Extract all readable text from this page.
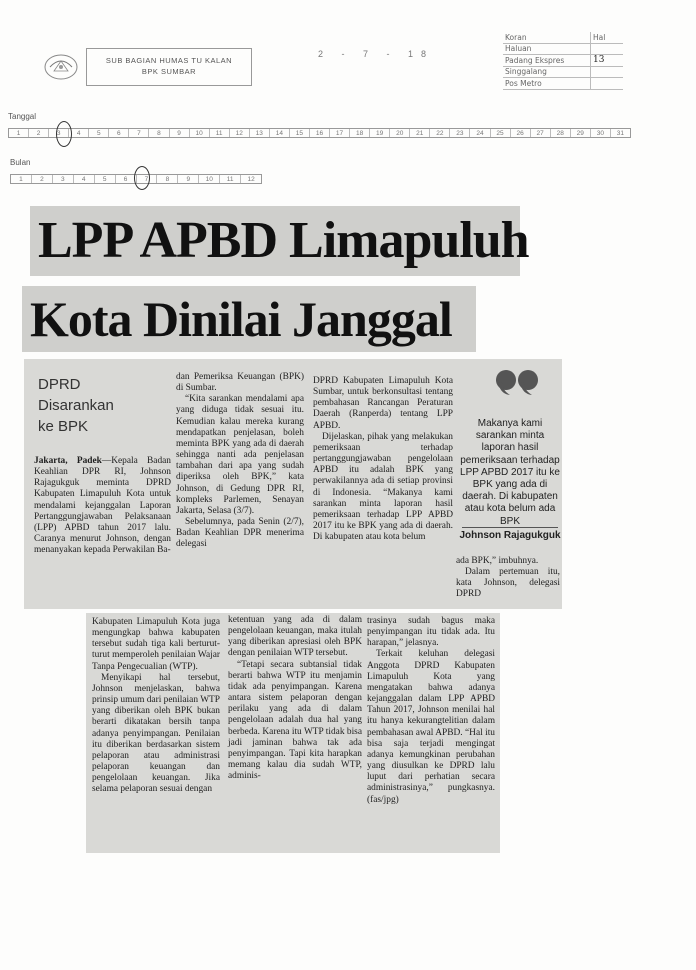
SUB BAGIAN HUMAS TU KALAN
BPK SUMBAR
2 - 7 - 18
Koran	Hal
Haluan	
Padang Ekspres	13
Singgalang	
Pos Metro	
Tanggal
1	2	3	4	5	6	7	8	9	10	11	12	13	14	15	16	17	18	19	20	21	22	23	24	25	26	27	28	29	30	31
Bulan
1	2	3	4	5	6	7	8	9	10	11	12
LPP APBD Limapuluh
Kota Dinilai Janggal
DPRD
Disarankan
ke BPK

Jakarta, Padek—Kepala Badan Keahlian DPR RI, Johnson Rajagukguk meminta DPRD Kabupaten Limapuluh Kota untuk mendalami kejanggalan Laporan Pertanggungjawaban Pelaksanaan (LPP) APBD tahun 2017 lalu. Caranya menurut Johnson, dengan menanyakan kepada Perwakilan Ba-

dan Pemeriksa Keuangan (BPK) di Sumbar.

“Kita sarankan mendalami apa yang diduga tidak sesuai itu. Kemudian kalau mereka kurang mendapatkan penjelasan, boleh meminta BPK yang ada di daerah sehingga nanti ada penjelasan tambahan dari apa yang sudah diperiksa oleh BPK,” kata Johnson, di Gedung DPR RI, kompleks Parlemen, Senayan Jakarta, Selasa (3/7).

Sebelumnya, pada Senin (2/7), Badan Keahlian DPR menerima delegasi

DPRD Kabupaten Limapuluh Kota Sumbar, untuk berkonsultasi tentang pembahasan Rancangan Peraturan Daerah (Ranperda) tentang LPP APBD.

Dijelaskan, pihak yang melakukan pemeriksaan terhadap pertanggungjawaban pengelolaan APBD itu adalah BPK yang perwakilannya ada di setiap provinsi di Indonesia. “Makanya kami sarankan minta laporan hasil pemeriksaan terhadap LPP APBD 2017 itu ke BPK yang ada di daerah. Di kabupaten atau kota belum

ada BPK,” imbuhnya.

Dalam pertemuan itu, kata Johnson, delegasi DPRD

Kabupaten Limapuluh Kota juga mengungkap bahwa kabupaten tersebut sudah tiga kali berturut-turut memperoleh penilaian Wajar Tanpa Pengecualian (WTP).

Menyikapi hal tersebut, Johnson menjelaskan, bahwa prinsip umum dari penilaian WTP yang diberikan oleh BPK bukan berarti dikatakan bersih tanpa adanya penyimpangan. Penilaian itu diberikan berdasarkan sistem pelaporan atau administrasi pelaporan keuangan dan pengelolaan keuangan. Jika selama pelaporan sesuai dengan

ketentuan yang ada di dalam pengelolaan keuangan, maka itulah yang diberikan apresiasi oleh BPK dengan penilaian WTP tersebut.

“Tetapi secara subtansial tidak berarti bahwa WTP itu menjamin tidak ada penyimpangan. Karena antara sistem pelaporan dengan perilaku yang ada di dalam pengelolaan adalah dua hal yang berbeda. Karena itu WTP tidak bisa jadi jaminan bahwa tak ada penyimpangan. Tapi kita harapkan memang kalau dia sudah WTP, adminis-

trasinya sudah bagus maka penyimpangan itu tidak ada. Itu harapan,” jelasnya.

Terkait keluhan delegasi Anggota DPRD Kabupaten Limapuluh Kota yang mengatakan bahwa adanya kejanggalan dalam LPP APBD Tahun 2017, Johnson menilai hal itu hanya kekurangtelitian dalam pembahasan awal APBD. “Hal itu bisa saja terjadi mengingat adanya kemungkinan perubahan yang diusulkan ke DPRD lalu luput dari perhatian secara administrasinya,” pungkasnya. (fas/jpg)

Makanya kami sarankan minta laporan hasil pemeriksaan terhadap LPP APBD 2017 itu ke BPK yang ada di daerah. Di kabupaten atau kota belum ada BPK
Johnson Rajagukguk
